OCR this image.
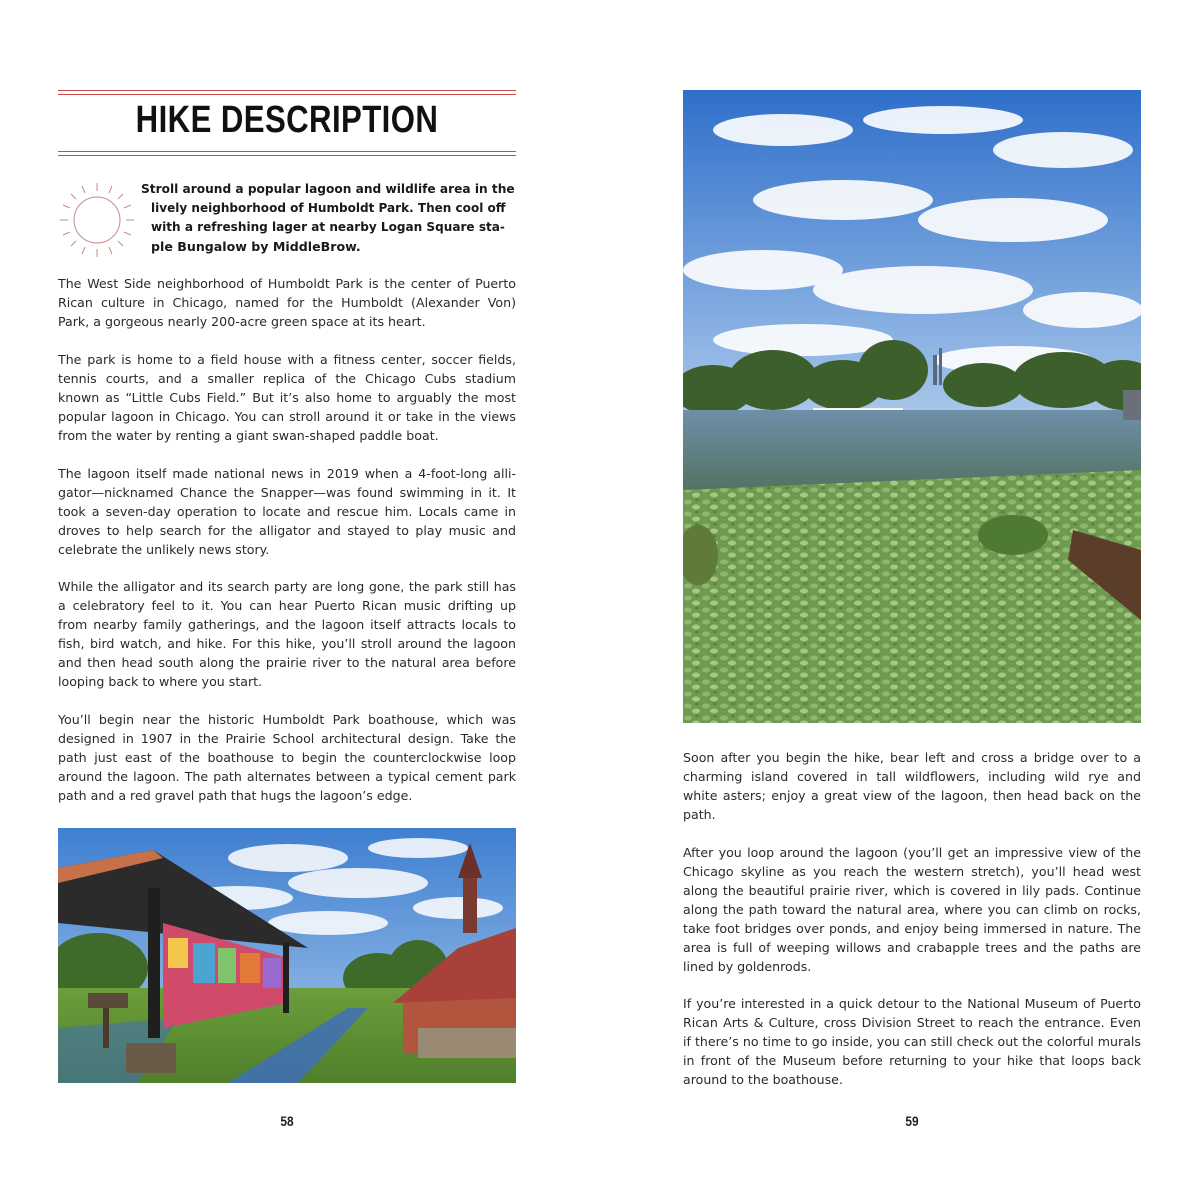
HIKE DESCRIPTION
Stroll around a popular lagoon and wildlife area in the
lively neighborhood of Humboldt Park. Then cool off
with a refreshing lager at nearby Logan Square sta-
ple Bungalow by MiddleBrow.
The West Side neighborhood of Humboldt Park is the center of Puerto
Rican culture in Chicago, named for the Humboldt (Alexander Von)
Park, a gorgeous nearly 200-acre green space at its heart.
The park is home to a field house with a fitness center, soccer fields,
tennis courts, and a smaller replica of the Chicago Cubs stadium
known as “Little Cubs Field.” But it’s also home to arguably the most
popular lagoon in Chicago. You can stroll around it or take in the views
from the water by renting a giant swan-shaped paddle boat.
The lagoon itself made national news in 2019 when a 4-foot-long alli-
gator—nicknamed Chance the Snapper—was found swimming in it. It
took a seven-day operation to locate and rescue him. Locals came in
droves to help search for the alligator and stayed to play music and
celebrate the unlikely news story.
While the alligator and its search party are long gone, the park still has
a celebratory feel to it. You can hear Puerto Rican music drifting up
from nearby family gatherings, and the lagoon itself attracts locals to
fish, bird watch, and hike. For this hike, you’ll stroll around the lagoon
and then head south along the prairie river to the natural area before
looping back to where you start.
You’ll begin near the historic Humboldt Park boathouse, which was
designed in 1907 in the Prairie School architectural design. Take the
path just east of the boathouse to begin the counterclockwise loop
around the lagoon. The path alternates between a typical cement park
path and a red gravel path that hugs the lagoon’s edge.
58
Soon after you begin the hike, bear left and cross a bridge over to a
charming island covered in tall wildflowers, including wild rye and
white asters; enjoy a great view of the lagoon, then head back on the
path.
After you loop around the lagoon (you’ll get an impressive view of the
Chicago skyline as you reach the western stretch), you’ll head west
along the beautiful prairie river, which is covered in lily pads. Continue
along the path toward the natural area, where you can climb on rocks,
take foot bridges over ponds, and enjoy being immersed in nature. The
area is full of weeping willows and crabapple trees and the paths are
lined by goldenrods.
If you’re interested in a quick detour to the National Museum of Puerto
Rican Arts & Culture, cross Division Street to reach the entrance. Even
if there’s no time to go inside, you can still check out the colorful murals
in front of the Museum before returning to your hike that loops back
around to the boathouse.
59
